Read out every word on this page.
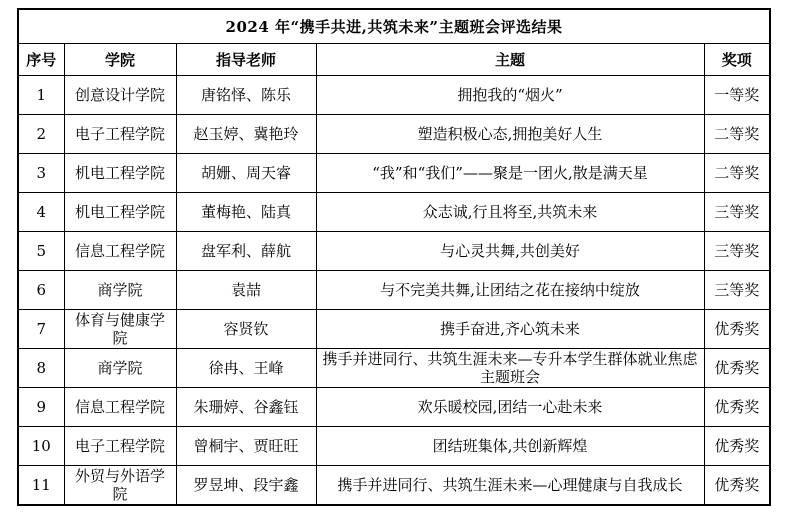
2024 年“携手共进,共筑未来”主题班会评选结果				
序号	学院	指导老师	主题	奖项
1	创意设计学院	唐铭怿、陈乐	拥抱我的“烟火”	一等奖
2	电子工程学院	赵玉婷、冀艳玲	塑造积极心态,拥抱美好人生	二等奖
3	机电工程学院	胡姗、周天睿	“我”和“我们”——聚是一团火,散是满天星	二等奖
4	机电工程学院	董梅艳、陆真	众志诚,行且将至,共筑未来	三等奖
5	信息工程学院	盘军利、薛航	与心灵共舞,共创美好	三等奖
6	商学院	袁喆	与不完美共舞,让团结之花在接纳中绽放	三等奖
7	体育与健康学院	容贤钦	携手奋进,齐心筑未来	优秀奖
8	商学院	徐冉、王峰	携手并进同行、共筑生涯未来—专升本学生群体就业焦虑主题班会	优秀奖
9	信息工程学院	朱珊婷、谷鑫钰	欢乐暖校园,团结一心赴未来	优秀奖
10	电子工程学院	曾桐宇、贾旺旺	团结班集体,共创新辉煌	优秀奖
11	外贸与外语学院	罗昱坤、段宇鑫	携手并进同行、共筑生涯未来—心理健康与自我成长	优秀奖
